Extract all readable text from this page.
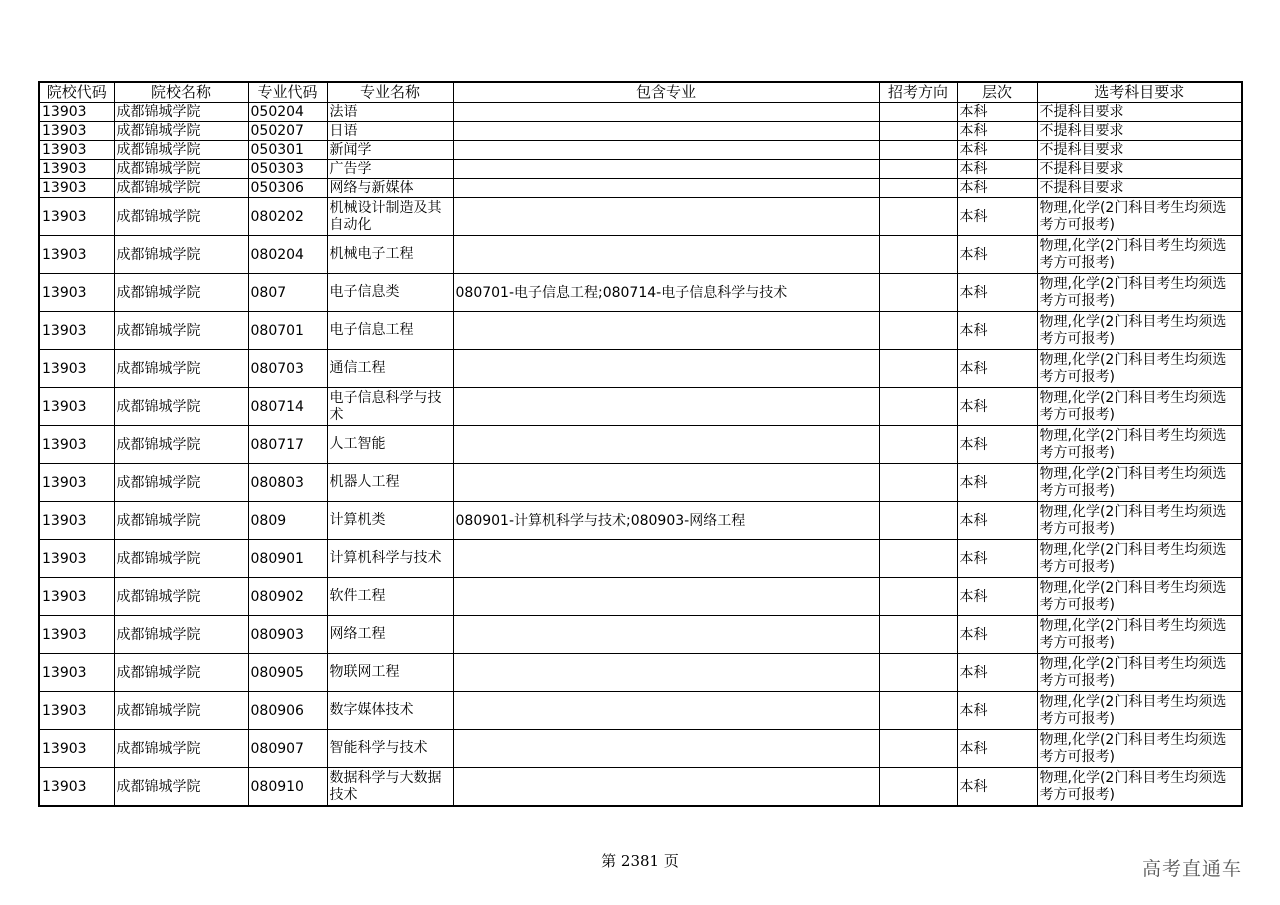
院校代码	院校名称	专业代码	专业名称	包含专业	招考方向	层次	选考科目要求
13903	成都锦城学院	050204	法语			本科	不提科目要求
13903	成都锦城学院	050207	日语			本科	不提科目要求
13903	成都锦城学院	050301	新闻学			本科	不提科目要求
13903	成都锦城学院	050303	广告学			本科	不提科目要求
13903	成都锦城学院	050306	网络与新媒体			本科	不提科目要求
13903	成都锦城学院	080202	机械设计制造及其自动化			本科	物理,化学(2门科目考生均须选考方可报考)
13903	成都锦城学院	080204	机械电子工程			本科	物理,化学(2门科目考生均须选考方可报考)
13903	成都锦城学院	0807	电子信息类	080701-电子信息工程;080714-电子信息科学与技术		本科	物理,化学(2门科目考生均须选考方可报考)
13903	成都锦城学院	080701	电子信息工程			本科	物理,化学(2门科目考生均须选考方可报考)
13903	成都锦城学院	080703	通信工程			本科	物理,化学(2门科目考生均须选考方可报考)
13903	成都锦城学院	080714	电子信息科学与技术			本科	物理,化学(2门科目考生均须选考方可报考)
13903	成都锦城学院	080717	人工智能			本科	物理,化学(2门科目考生均须选考方可报考)
13903	成都锦城学院	080803	机器人工程			本科	物理,化学(2门科目考生均须选考方可报考)
13903	成都锦城学院	0809	计算机类	080901-计算机科学与技术;080903-网络工程		本科	物理,化学(2门科目考生均须选考方可报考)
13903	成都锦城学院	080901	计算机科学与技术			本科	物理,化学(2门科目考生均须选考方可报考)
13903	成都锦城学院	080902	软件工程			本科	物理,化学(2门科目考生均须选考方可报考)
13903	成都锦城学院	080903	网络工程			本科	物理,化学(2门科目考生均须选考方可报考)
13903	成都锦城学院	080905	物联网工程			本科	物理,化学(2门科目考生均须选考方可报考)
13903	成都锦城学院	080906	数字媒体技术			本科	物理,化学(2门科目考生均须选考方可报考)
13903	成都锦城学院	080907	智能科学与技术			本科	物理,化学(2门科目考生均须选考方可报考)
13903	成都锦城学院	080910	数据科学与大数据技术			本科	物理,化学(2门科目考生均须选考方可报考)
第 2381 页	高考直通车
